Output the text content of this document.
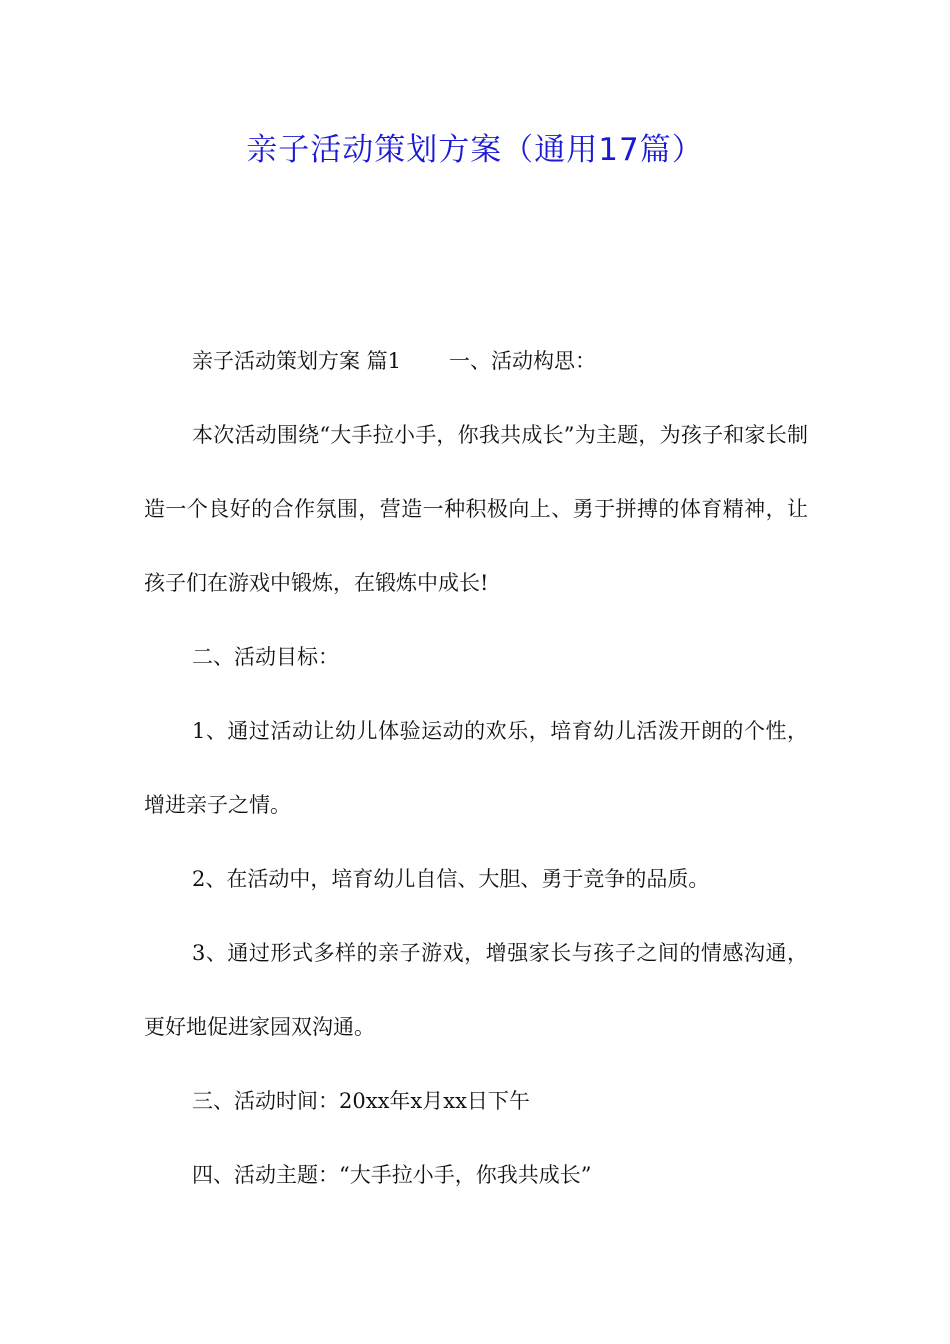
亲子活动策划方案（通用17篇）

亲子活动策划方案 篇1 一、活动构思：

本次活动围绕“大手拉小手，你我共成长”为主题，为孩子和家长制造一个良好的合作氛围，营造一种积极向上、勇于拼搏的体育精神，让孩子们在游戏中锻炼，在锻炼中成长!

二、活动目标：

1、通过活动让幼儿体验运动的欢乐，培育幼儿活泼开朗的个性，增进亲子之情。

2、在活动中，培育幼儿自信、大胆、勇于竞争的品质。

3、通过形式多样的亲子游戏，增强家长与孩子之间的情感沟通，更好地促进家园双沟通。

三、活动时间：20xx年x月xx日下午

四、活动主题：“大手拉小手，你我共成长”
